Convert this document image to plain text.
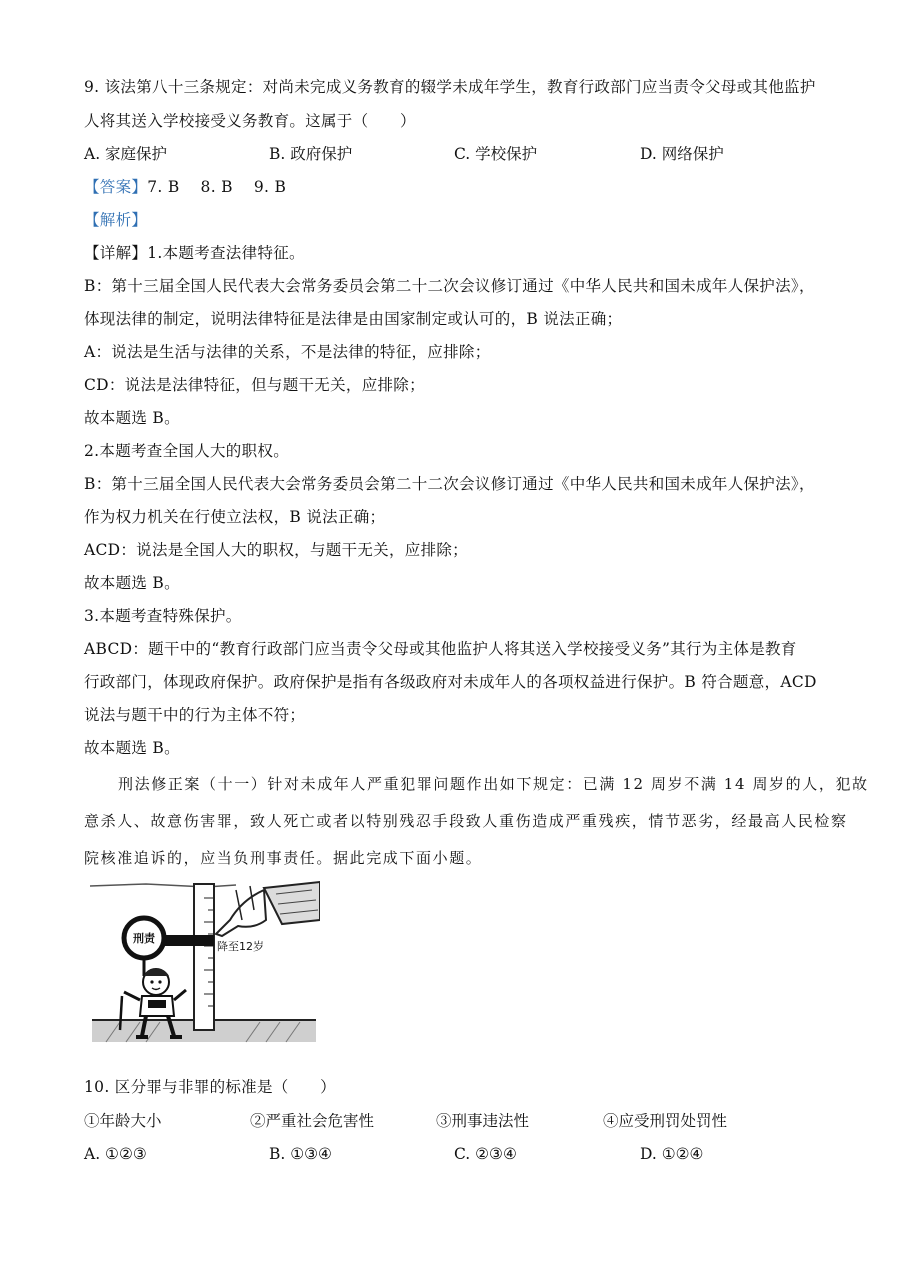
9. 该法第八十三条规定：对尚未完成义务教育的辍学未成年学生，教育行政部门应当责令父母或其他监护
人将其送入学校接受义务教育。这属于（　　）
A. 家庭保护	B. 政府保护	C. 学校保护	D. 网络保护
【答案】7. B　 8. B　 9. B
【解析】
【详解】1.本题考查法律特征。
B：第十三届全国人民代表大会常务委员会第二十二次会议修订通过《中华人民共和国未成年人保护法》，
体现法律的制定，说明法律特征是法律是由国家制定或认可的，B 说法正确；
A：说法是生活与法律的关系，不是法律的特征，应排除；
CD：说法是法律特征，但与题干无关，应排除；
故本题选 B。
2.本题考查全国人大的职权。
B：第十三届全国人民代表大会常务委员会第二十二次会议修订通过《中华人民共和国未成年人保护法》，
作为权力机关在行使立法权，B 说法正确；
ACD：说法是全国人大的职权，与题干无关，应排除；
故本题选 B。
3.本题考查特殊保护。
ABCD：题干中的“教育行政部门应当责令父母或其他监护人将其送入学校接受义务”其行为主体是教育
行政部门，体现政府保护。政府保护是指有各级政府对未成年人的各项权益进行保护。B 符合题意，ACD
说法与题干中的行为主体不符；
故本题选 B。
刑法修正案（十一）针对未成年人严重犯罪问题作出如下规定：已满 12 周岁不满 14 周岁的人，犯故
意杀人、故意伤害罪，致人死亡或者以特别残忍手段致人重伤造成严重残疾，情节恶劣，经最高人民检察
院核准追诉的，应当负刑事责任。据此完成下面小题。
刑责
降至12岁
10. 区分罪与非罪的标准是（　　）
①年龄大小	②严重社会危害性	③刑事违法性	④应受刑罚处罚性
A. ①②③	B. ①③④	C. ②③④	D. ①②④
